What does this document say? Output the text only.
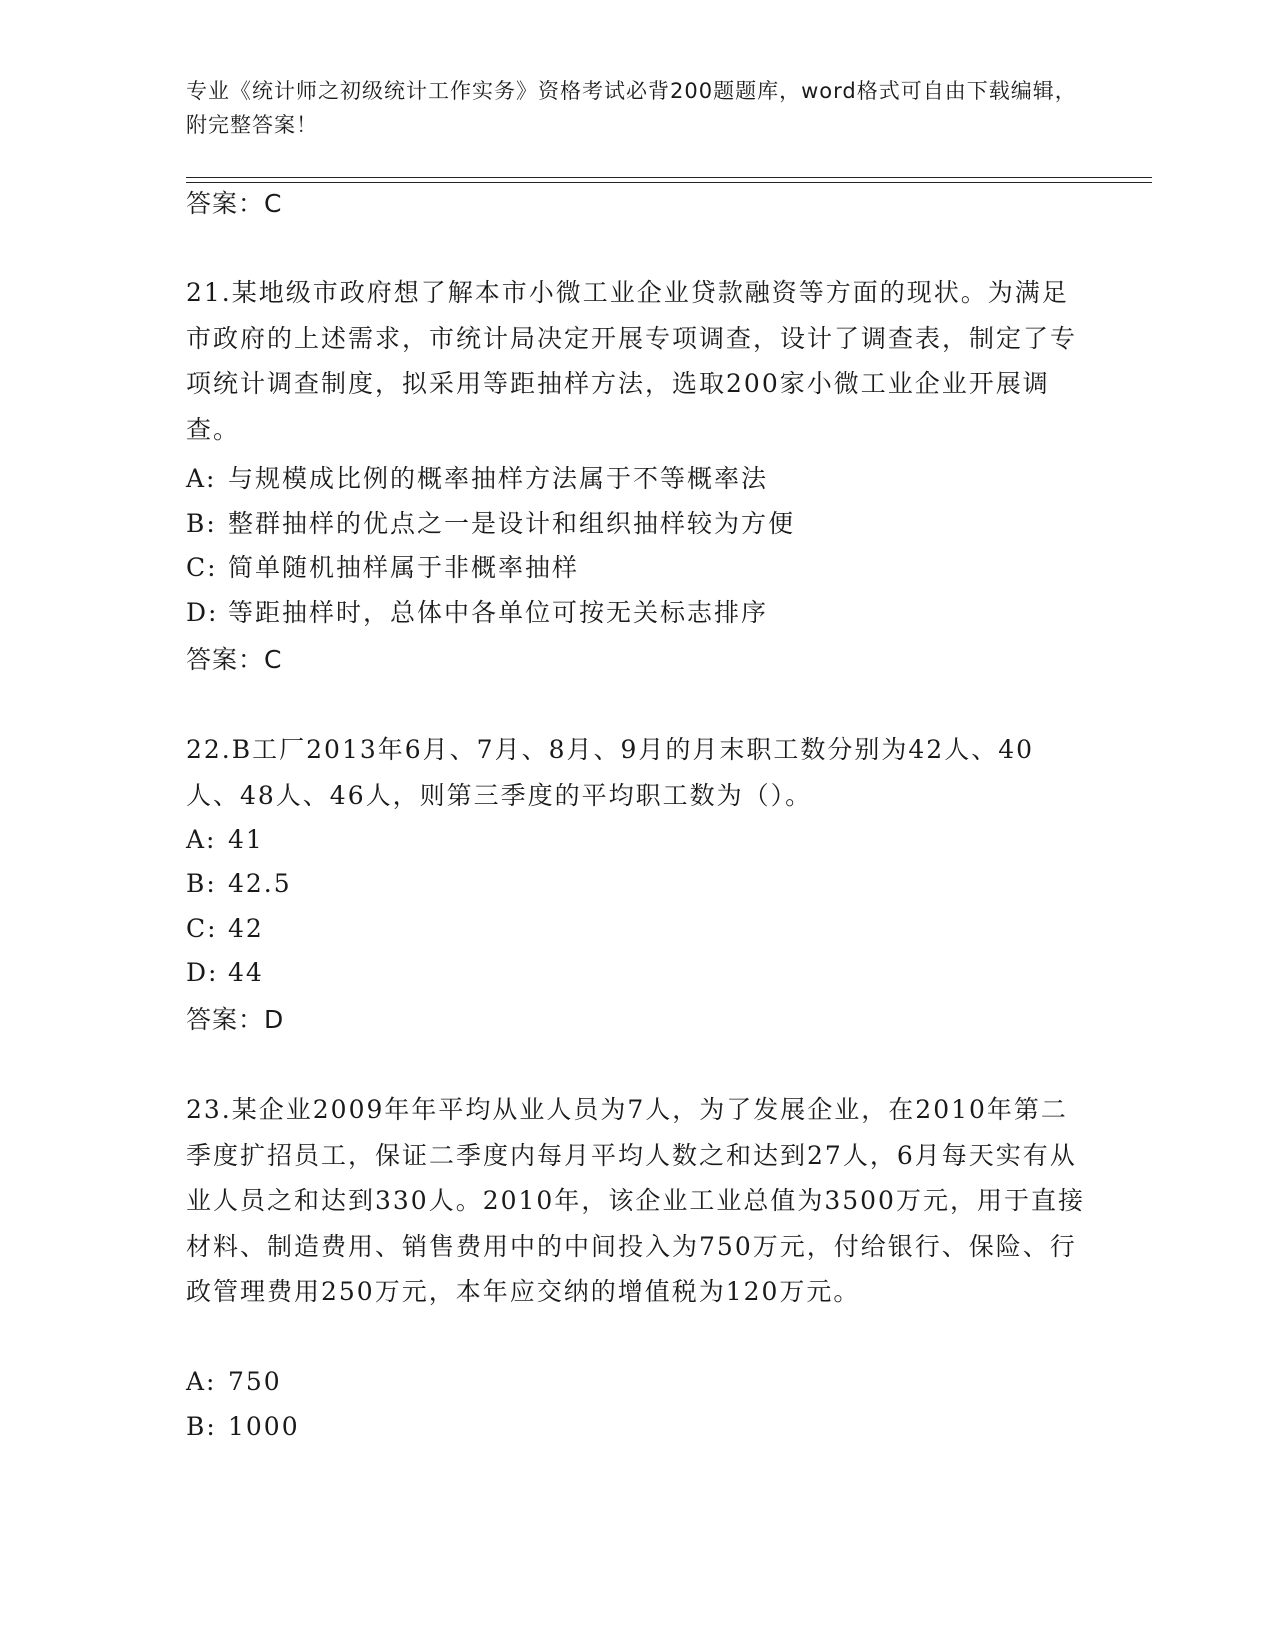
专业《统计师之初级统计工作实务》资格考试必背200题题库，word格式可自由下载编辑，附完整答案！
答案：C
21.某地级市政府想了解本市小微工业企业贷款融资等方面的现状。为满足市政府的上述需求，市统计局决定开展专项调查，设计了调查表，制定了专项统计调查制度，拟采用等距抽样方法，选取200家小微工业企业开展调查。
A: 与规模成比例的概率抽样方法属于不等概率法
B: 整群抽样的优点之一是设计和组织抽样较为方便
C: 简单随机抽样属于非概率抽样
D: 等距抽样时，总体中各单位可按无关标志排序
答案：C
22.B工厂2013年6月、7月、8月、9月的月末职工数分别为42人、40人、48人、46人，则第三季度的平均职工数为（）。
A: 41
B: 42.5
C: 42
D: 44
答案：D
23.某企业2009年年平均从业人员为7人，为了发展企业，在2010年第二季度扩招员工，保证二季度内每月平均人数之和达到27人，6月每天实有从业人员之和达到330人。2010年，该企业工业总值为3500万元，用于直接材料、制造费用、销售费用中的中间投入为750万元，付给银行、保险、行政管理费用250万元，本年应交纳的增值税为120万元。
A: 750
B: 1000
